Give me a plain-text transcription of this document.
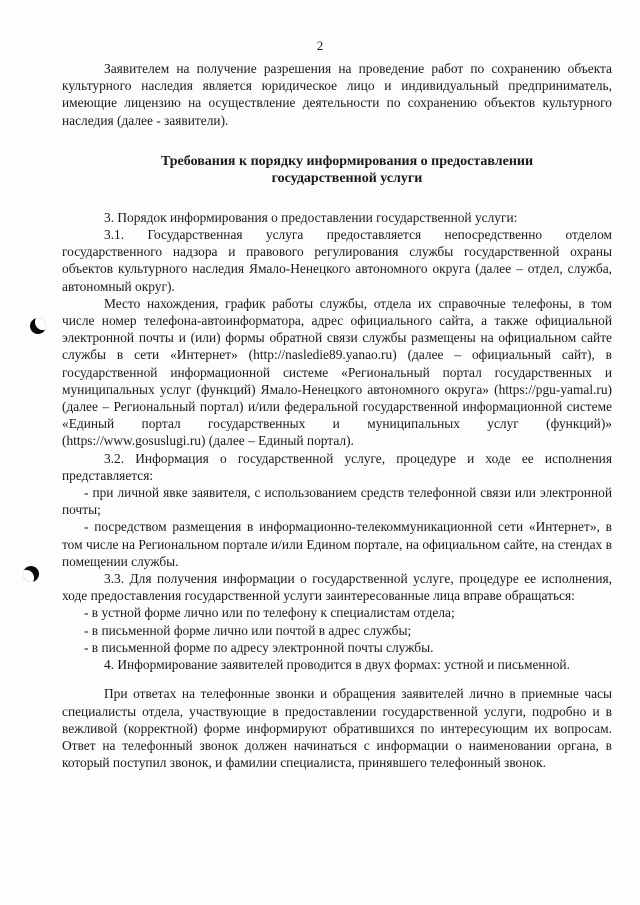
2

Заявителем на получение разрешения на проведение работ по сохранению объекта культурного наследия является юридическое лицо и индивидуальный предприниматель, имеющие лицензию на осуществление деятельности по сохранению объектов культурного наследия (далее - заявители).

Требования к порядку информирования о предоставлении государственной услуги

3. Порядок информирования о предоставлении государственной услуги:

3.1. Государственная услуга предоставляется непосредственно отделом государственного надзора и правового регулирования службы государственной охраны объектов культурного наследия Ямало-Ненецкого автономного округа (далее – отдел, служба, автономный округ).

Место нахождения, график работы службы, отдела их справочные телефоны, в том числе номер телефона-автоинформатора, адрес официального сайта, а также официальной электронной почты и (или) формы обратной связи службы размещены на официальном сайте службы в сети «Интернет» (http://nasledie89.yanao.ru) (далее – официальный сайт), в государственной информационной системе «Региональный портал государственных и муниципальных услуг (функций) Ямало-Ненецкого автономного округа» (https://pgu-yamal.ru) (далее – Региональный портал) и/или федеральной государственной информационной системе «Единый портал государственных и муниципальных услуг (функций)» (https://www.gosuslugi.ru) (далее – Единый портал).

3.2. Информация о государственной услуге, процедуре и ходе ее исполнения представляется:

- при личной явке заявителя, с использованием средств телефонной связи или электронной почты;

- посредством размещения в информационно-телекоммуникационной сети «Интернет», в том числе на Региональном портале и/или Едином портале, на официальном сайте, на стендах в помещении службы.

3.3. Для получения информации о государственной услуге, процедуре ее исполнения, ходе предоставления государственной услуги заинтересованные лица вправе обращаться:

- в устной форме лично или по телефону к специалистам отдела;

- в письменной форме лично или почтой в адрес службы;

- в письменной форме по адресу электронной почты службы.

4. Информирование заявителей проводится в двух формах: устной и письменной.

При ответах на телефонные звонки и обращения заявителей лично в приемные часы специалисты отдела, участвующие в предоставлении государственной услуги, подробно и в вежливой (корректной) форме информируют обратившихся по интересующим их вопросам. Ответ на телефонный звонок должен начинаться с информации о наименовании органа, в который поступил звонок, и фамилии специалиста, принявшего телефонный звонок.
